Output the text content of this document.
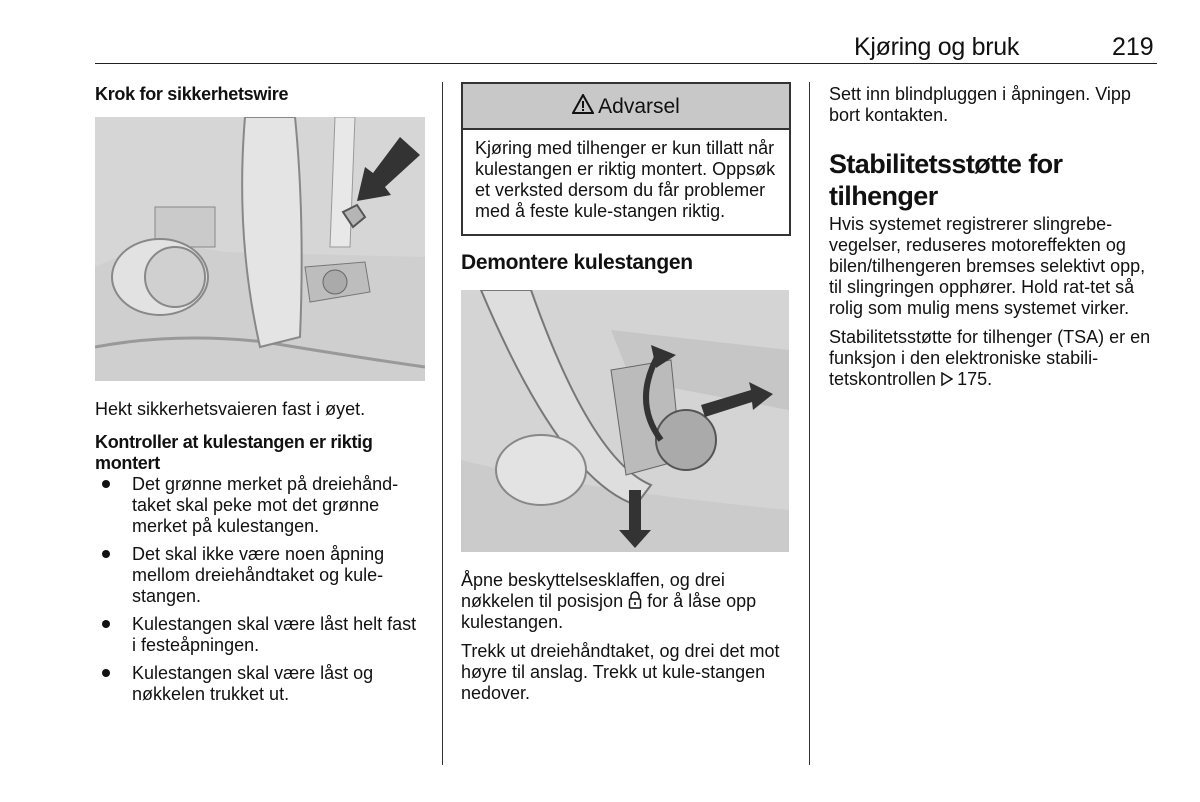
Kjøring og bruk	219
Krok for sikkerhetswire

Hekt sikkerhetsvaieren fast i øyet.

Kontroller at kulestangen er riktig montert
Det grønne merket på dreiehånd-taket skal peke mot det grønne merket på kulestangen.
Det skal ikke være noen åpning mellom dreiehåndtaket og kule-stangen.
Kulestangen skal være låst helt fast i festeåpningen.
Kulestangen skal være låst og nøkkelen trukket ut.
Advarsel
Kjøring med tilhenger er kun tillatt når kulestangen er riktig montert. Oppsøk et verksted dersom du får problemer med å feste kule-stangen riktig.
Demontere kulestangen

Åpne beskyttelsesklaffen, og drei nøkkelen til posisjon  for å låse opp kulestangen.

Trekk ut dreiehåndtaket, og drei det mot høyre til anslag. Trekk ut kule-stangen nedover.

Sett inn blindpluggen i åpningen. Vipp bort kontakten.

Stabilitetsstøtte for tilhenger

Hvis systemet registrerer slingrebe-vegelser, reduseres motoreffekten og bilen/tilhengeren bremses selektivt opp, til slingringen opphører. Hold rat-tet så rolig som mulig mens systemet virker.

Stabilitetsstøtte for tilhenger (TSA) er en funksjon i den elektroniske stabili-tetskontrollen 175.
